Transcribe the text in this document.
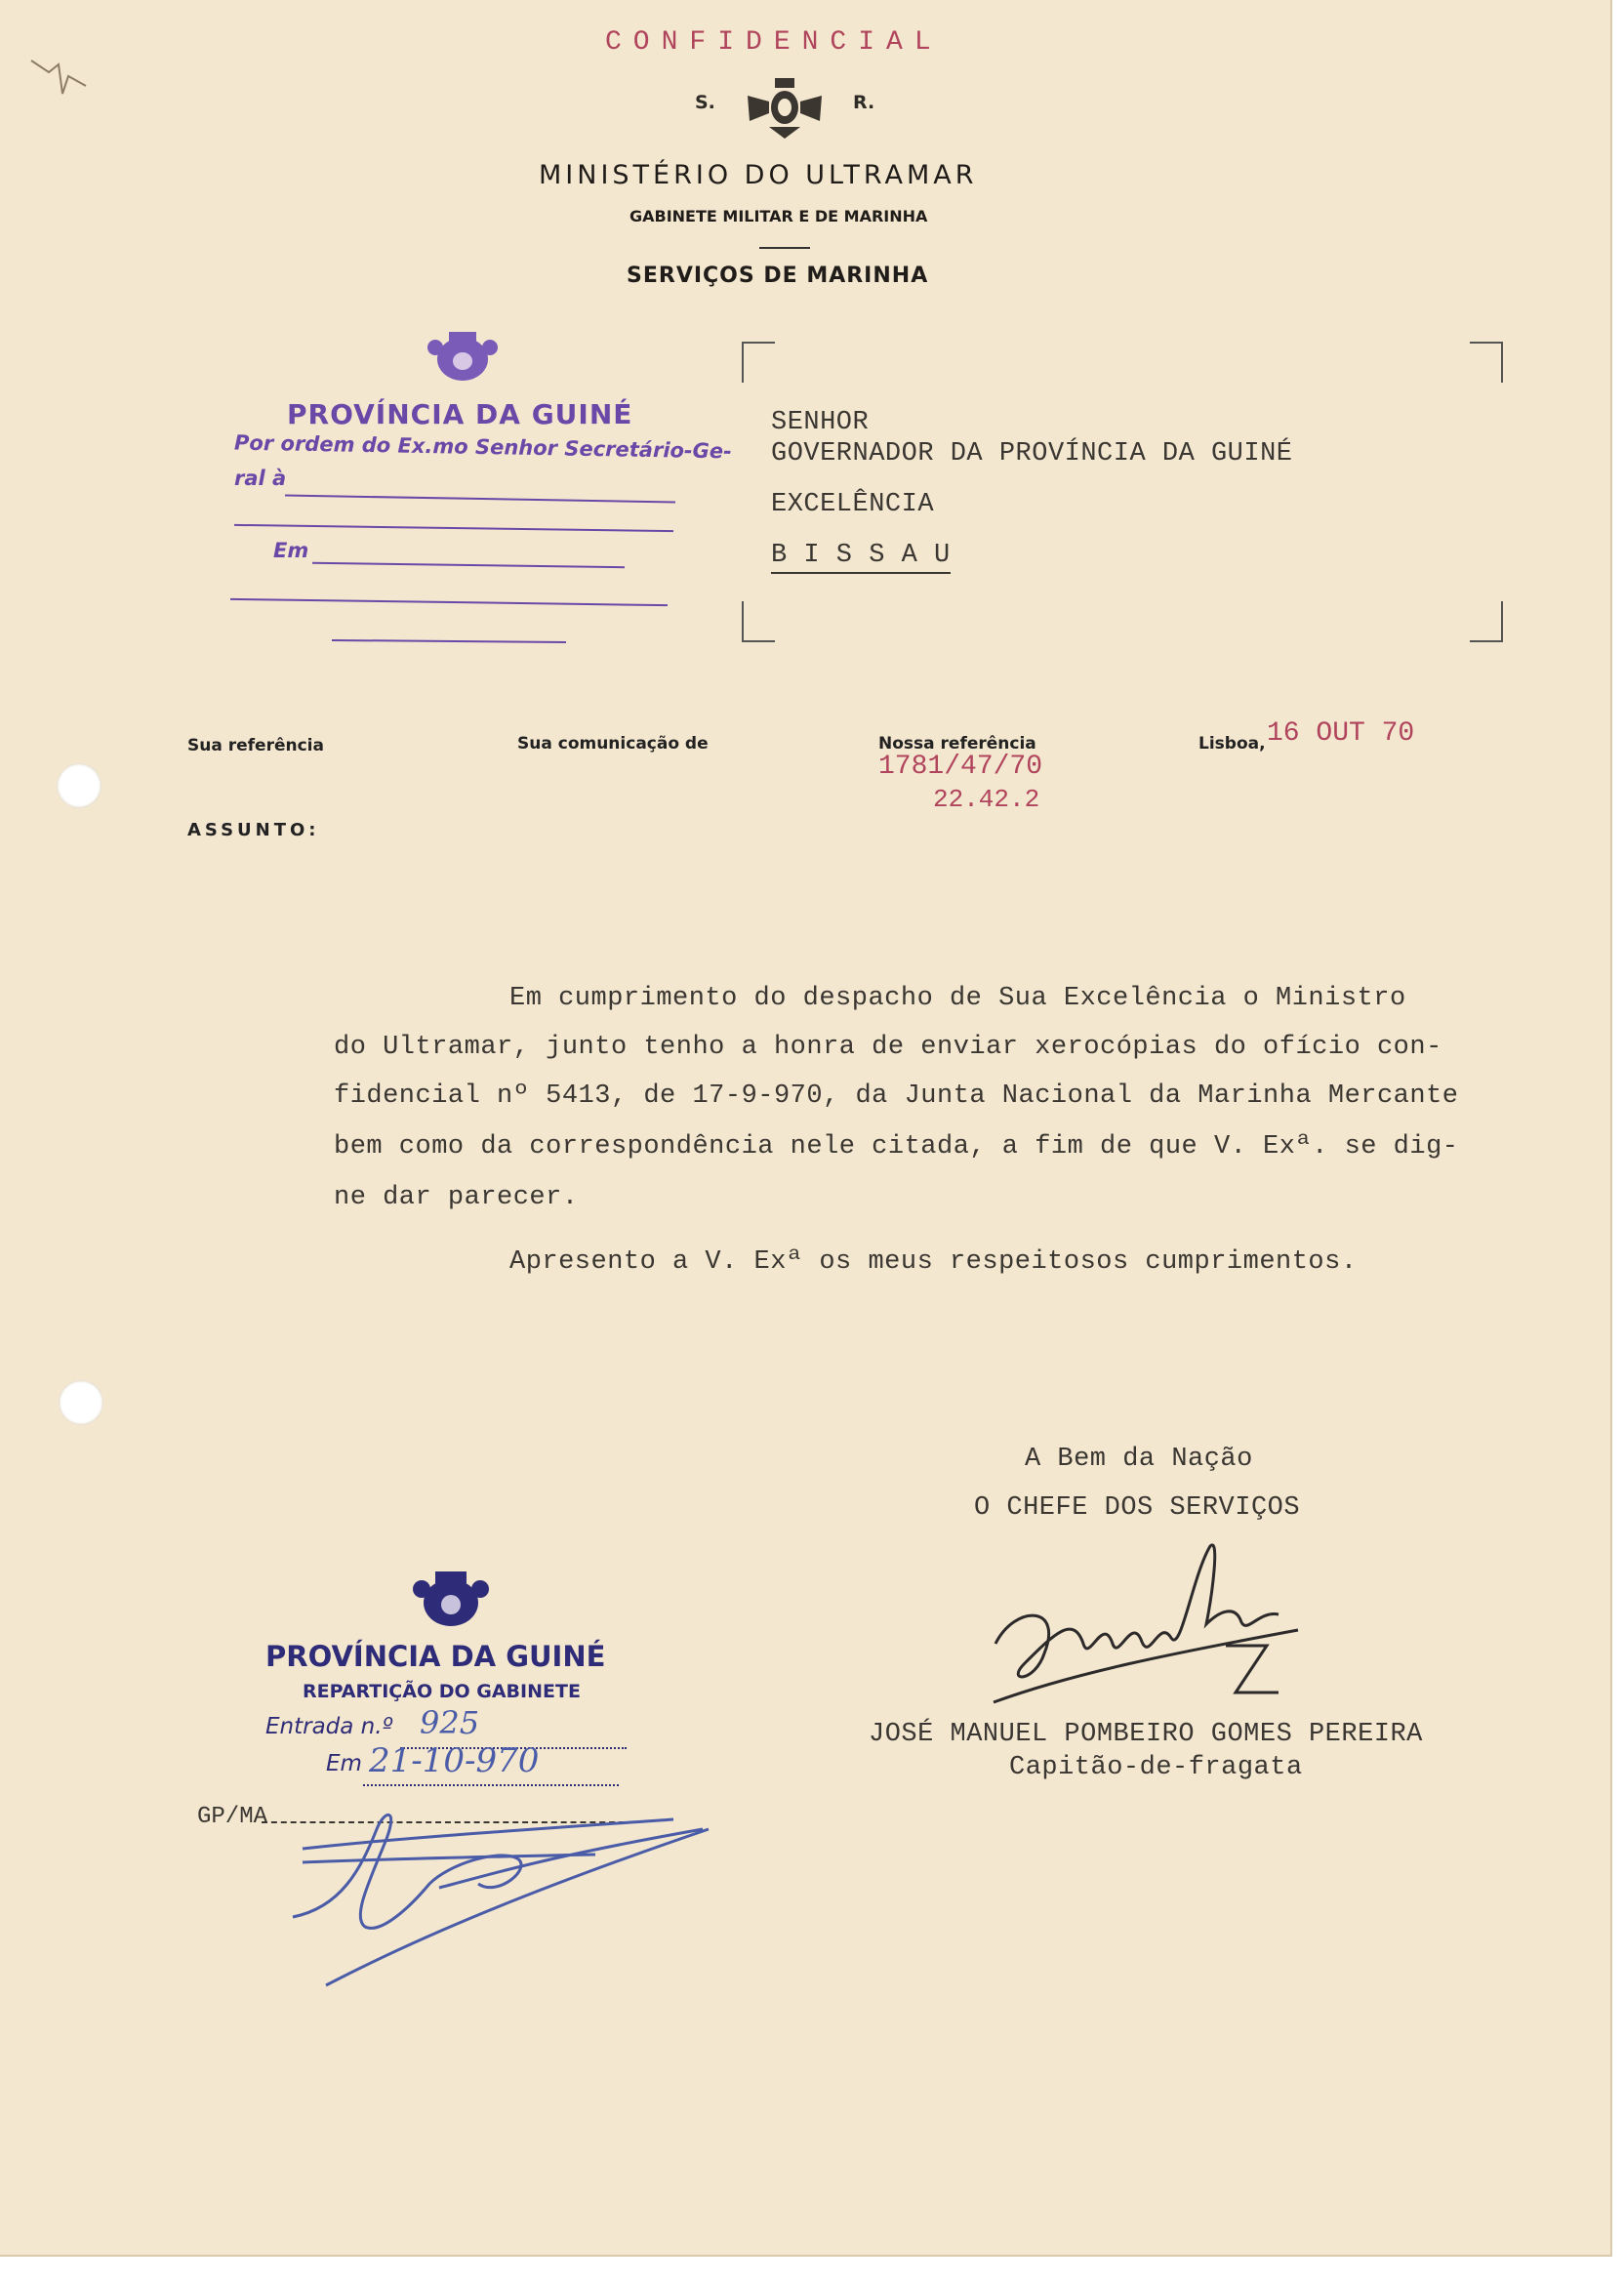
CONFIDENCIAL
S.	R.
MINISTÉRIO DO ULTRAMAR
GABINETE MILITAR E DE MARINHA
SERVIÇOS DE MARINHA
PROVÍNCIA DA GUINÉ
Por ordem do Ex.mo Senhor Secretário-Ge-
ral à
Em
SENHOR
GOVERNADOR DA PROVÍNCIA DA GUINÉ
EXCELÊNCIA
B I S S A U
Sua referência	Sua comunicação de	Nossa referência
1781/47/70
22.42.2
Lisboa, 16 OUT 70
ASSUNTO:
Em cumprimento do despacho de Sua Excelência o Ministro
do Ultramar, junto tenho a honra de enviar xerocópias do ofício con-
fidencial nº 5413, de 17-9-970, da Junta Nacional da Marinha Mercante
bem como da correspondência nele citada, a fim de que V. Exª. se dig-
ne dar parecer.
Apresento a V. Exª os meus respeitosos cumprimentos.
A Bem da Nação
O CHEFE DOS SERVIÇOS
JOSÉ MANUEL POMBEIRO GOMES PEREIRA
Capitão-de-fragata
PROVÍNCIA DA GUINÉ
REPARTIÇÃO DO GABINETE
Entrada n.º 925
Em 21-10-970
GP/MA
